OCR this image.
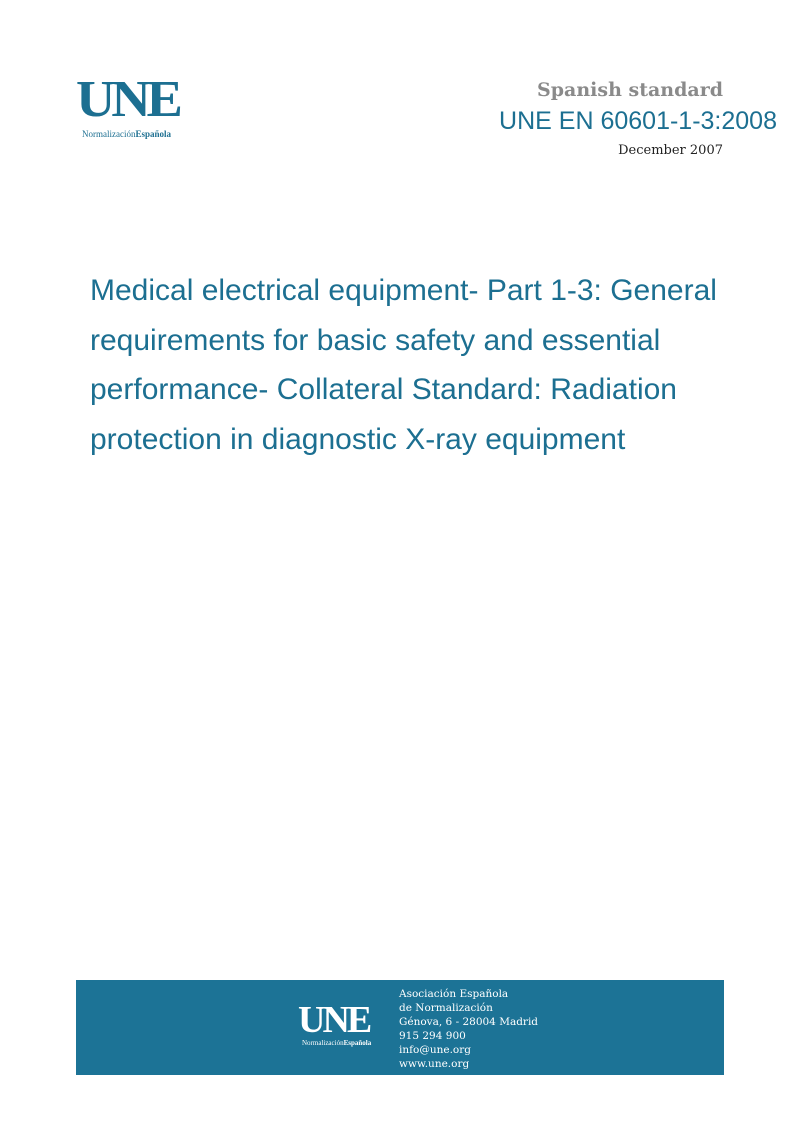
UNE
NormalizaciónEspañola
Spanish standard
UNE EN 60601-1-3:2008
December 2007
Medical electrical equipment- Part 1-3: General
requirements for basic safety and essential
performance- Collateral Standard: Radiation
protection in diagnostic X-ray equipment
UNE
NormalizaciónEspañola
Asociación Española
de Normalización
Génova, 6 - 28004 Madrid
915 294 900
info@une.org
www.une.org
